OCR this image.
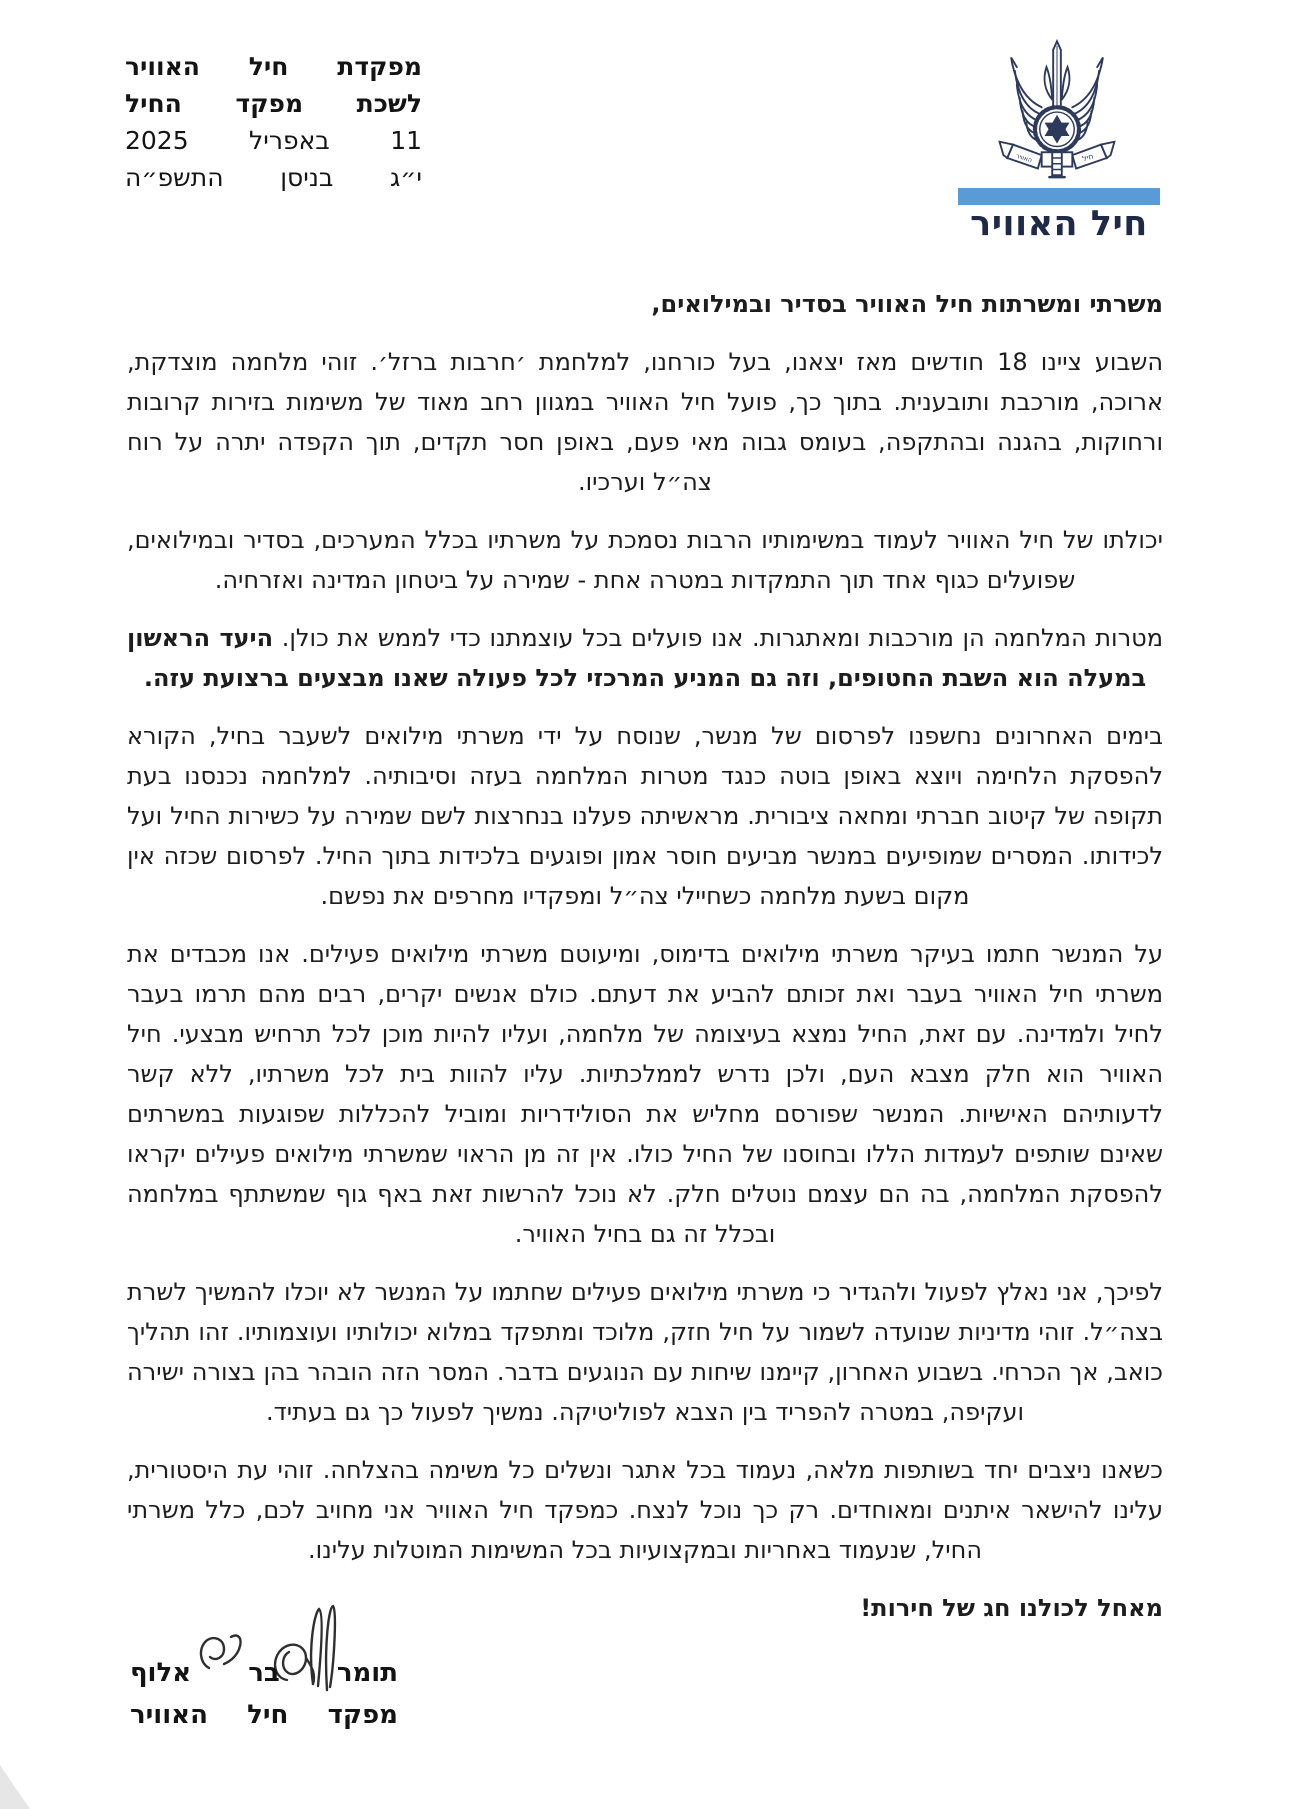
מפקדת חיל האוויר
לשכת מפקד החיל
11 באפריל 2025
י״ג בניסן התשפ״ה
חיל
האוויר
חיל האוויר

משרתי ומשרתות חיל האוויר בסדיר ובמילואים,

השבוע ציינו 18 חודשים מאז יצאנו, בעל כורחנו, למלחמת ׳חרבות ברזל׳. זוהי מלחמה מוצדקת, ארוכה, מורכבת ותובענית. בתוך כך, פועל חיל האוויר במגוון רחב מאוד של משימות בזירות קרובות ורחוקות, בהגנה ובהתקפה, בעומס גבוה מאי פעם, באופן חסר תקדים, תוך הקפדה יתרה על רוח צה״ל וערכיו.

יכולתו של חיל האוויר לעמוד במשימותיו הרבות נסמכת על משרתיו בכלל המערכים, בסדיר ובמילואים, שפועלים כגוף אחד תוך התמקדות במטרה אחת - שמירה על ביטחון המדינה ואזרחיה.

מטרות המלחמה הן מורכבות ומאתגרות. אנו פועלים בכל עוצמתנו כדי לממש את כולן. היעד הראשון במעלה הוא השבת החטופים, וזה גם המניע המרכזי לכל פעולה שאנו מבצעים ברצועת עזה.

בימים האחרונים נחשפנו לפרסום של מנשר, שנוסח על ידי משרתי מילואים לשעבר בחיל, הקורא להפסקת הלחימה ויוצא באופן בוטה כנגד מטרות המלחמה בעזה וסיבותיה. למלחמה נכנסנו בעת תקופה של קיטוב חברתי ומחאה ציבורית. מראשיתה פעלנו בנחרצות לשם שמירה על כשירות החיל ועל לכידותו. המסרים שמופיעים במנשר מביעים חוסר אמון ופוגעים בלכידות בתוך החיל. לפרסום שכזה אין מקום בשעת מלחמה כשחיילי צה״ל ומפקדיו מחרפים את נפשם.

על המנשר חתמו בעיקר משרתי מילואים בדימוס, ומיעוטם משרתי מילואים פעילים. אנו מכבדים את משרתי חיל האוויר בעבר ואת זכותם להביע את דעתם. כולם אנשים יקרים, רבים מהם תרמו בעבר לחיל ולמדינה. עם זאת, החיל נמצא בעיצומה של מלחמה, ועליו להיות מוכן לכל תרחיש מבצעי. חיל האוויר הוא חלק מצבא העם, ולכן נדרש לממלכתיות. עליו להוות בית לכל משרתיו, ללא קשר לדעותיהם האישיות. המנשר שפורסם מחליש את הסולידריות ומוביל להכללות שפוגעות במשרתים שאינם שותפים לעמדות הללו ובחוסנו של החיל כולו. אין זה מן הראוי שמשרתי מילואים פעילים יקראו להפסקת המלחמה, בה הם עצמם נוטלים חלק. לא נוכל להרשות זאת באף גוף שמשתתף במלחמה ובכלל זה גם בחיל האוויר.

לפיכך, אני נאלץ לפעול ולהגדיר כי משרתי מילואים פעילים שחתמו על המנשר לא יוכלו להמשיך לשרת בצה״ל. זוהי מדיניות שנועדה לשמור על חיל חזק, מלוכד ומתפקד במלוא יכולותיו ועוצמותיו. זהו תהליך כואב, אך הכרחי. בשבוע האחרון, קיימנו שיחות עם הנוגעים בדבר. המסר הזה הובהר בהן בצורה ישירה ועקיפה, במטרה להפריד בין הצבא לפוליטיקה. נמשיך לפעול כך גם בעתיד.

כשאנו ניצבים יחד בשותפות מלאה, נעמוד בכל אתגר ונשלים כל משימה בהצלחה. זוהי עת היסטורית, עלינו להישאר איתנים ומאוחדים. רק כך נוכל לנצח. כמפקד חיל האוויר אני מחויב לכם, כלל משרתי החיל, שנעמוד באחריות ובמקצועיות בכל המשימות המוטלות עלינו.

מאחל לכולנו חג של חירות!

תומר בר אלוף
מפקד חיל האוויר
